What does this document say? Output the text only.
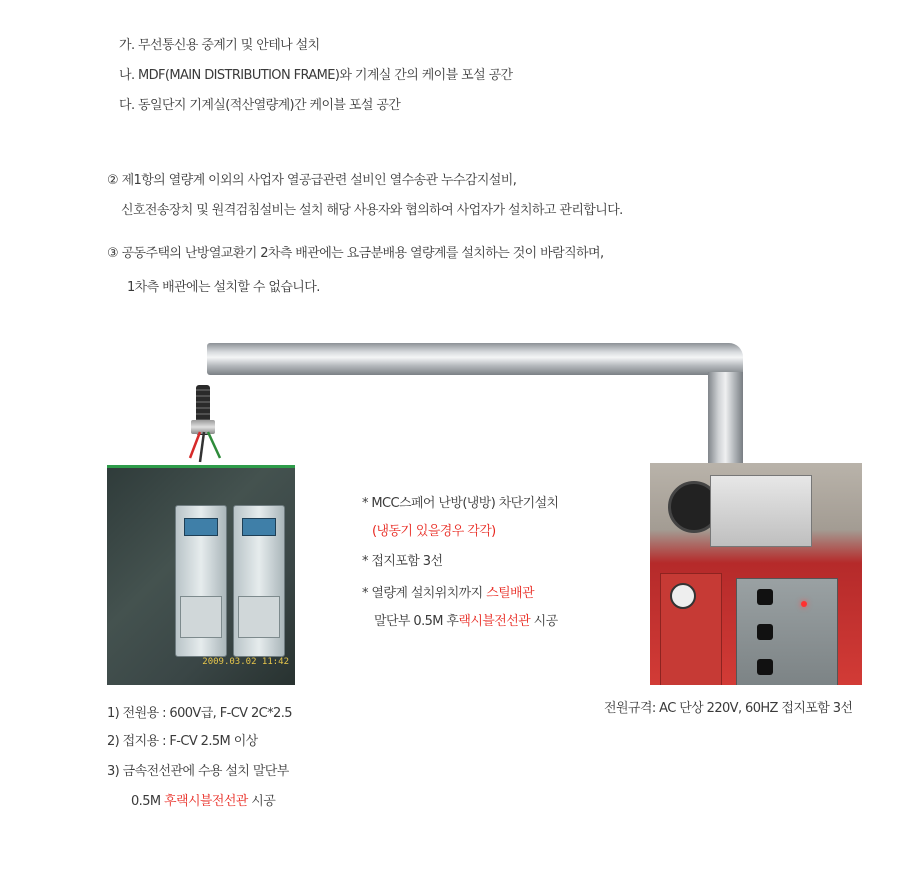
가. 무선통신용 중계기 및 안테나 설치
나. MDF(MAIN DISTRIBUTION FRAME)와 기계실 간의 케이블 포설 공간
다. 동일단지 기계실(적산열량계)간 케이블 포설 공간
② 제1항의 열량계 이외의 사업자 열공급관련 설비인 열수송관 누수감지설비,
신호전송장치 및 원격검침설비는 설치 해당 사용자와 협의하여 사업자가 설치하고 관리합니다.
③ 공동주택의 난방열교환기 2차측 배관에는 요금분배용 열량계를 설치하는 것이 바람직하며,
1차측 배관에는 설치할 수 없습니다.
2009.03.02 11:42
* MCC스페어 난방(냉방) 차단기설치
(냉동기 있을경우 각각)
* 접지포함 3선
* 열량계 설치위치까지 스틸배관
말단부 0.5M 후랙시블전선관 시공
1) 전원용 : 600V급, F-CV 2C*2.5
2) 접지용 : F-CV 2.5M 이상
3) 금속전선관에 수용 설치 말단부
0.5M 후랙시블전선관 시공
전원규격: AC 단상 220V, 60HZ 접지포함 3선
